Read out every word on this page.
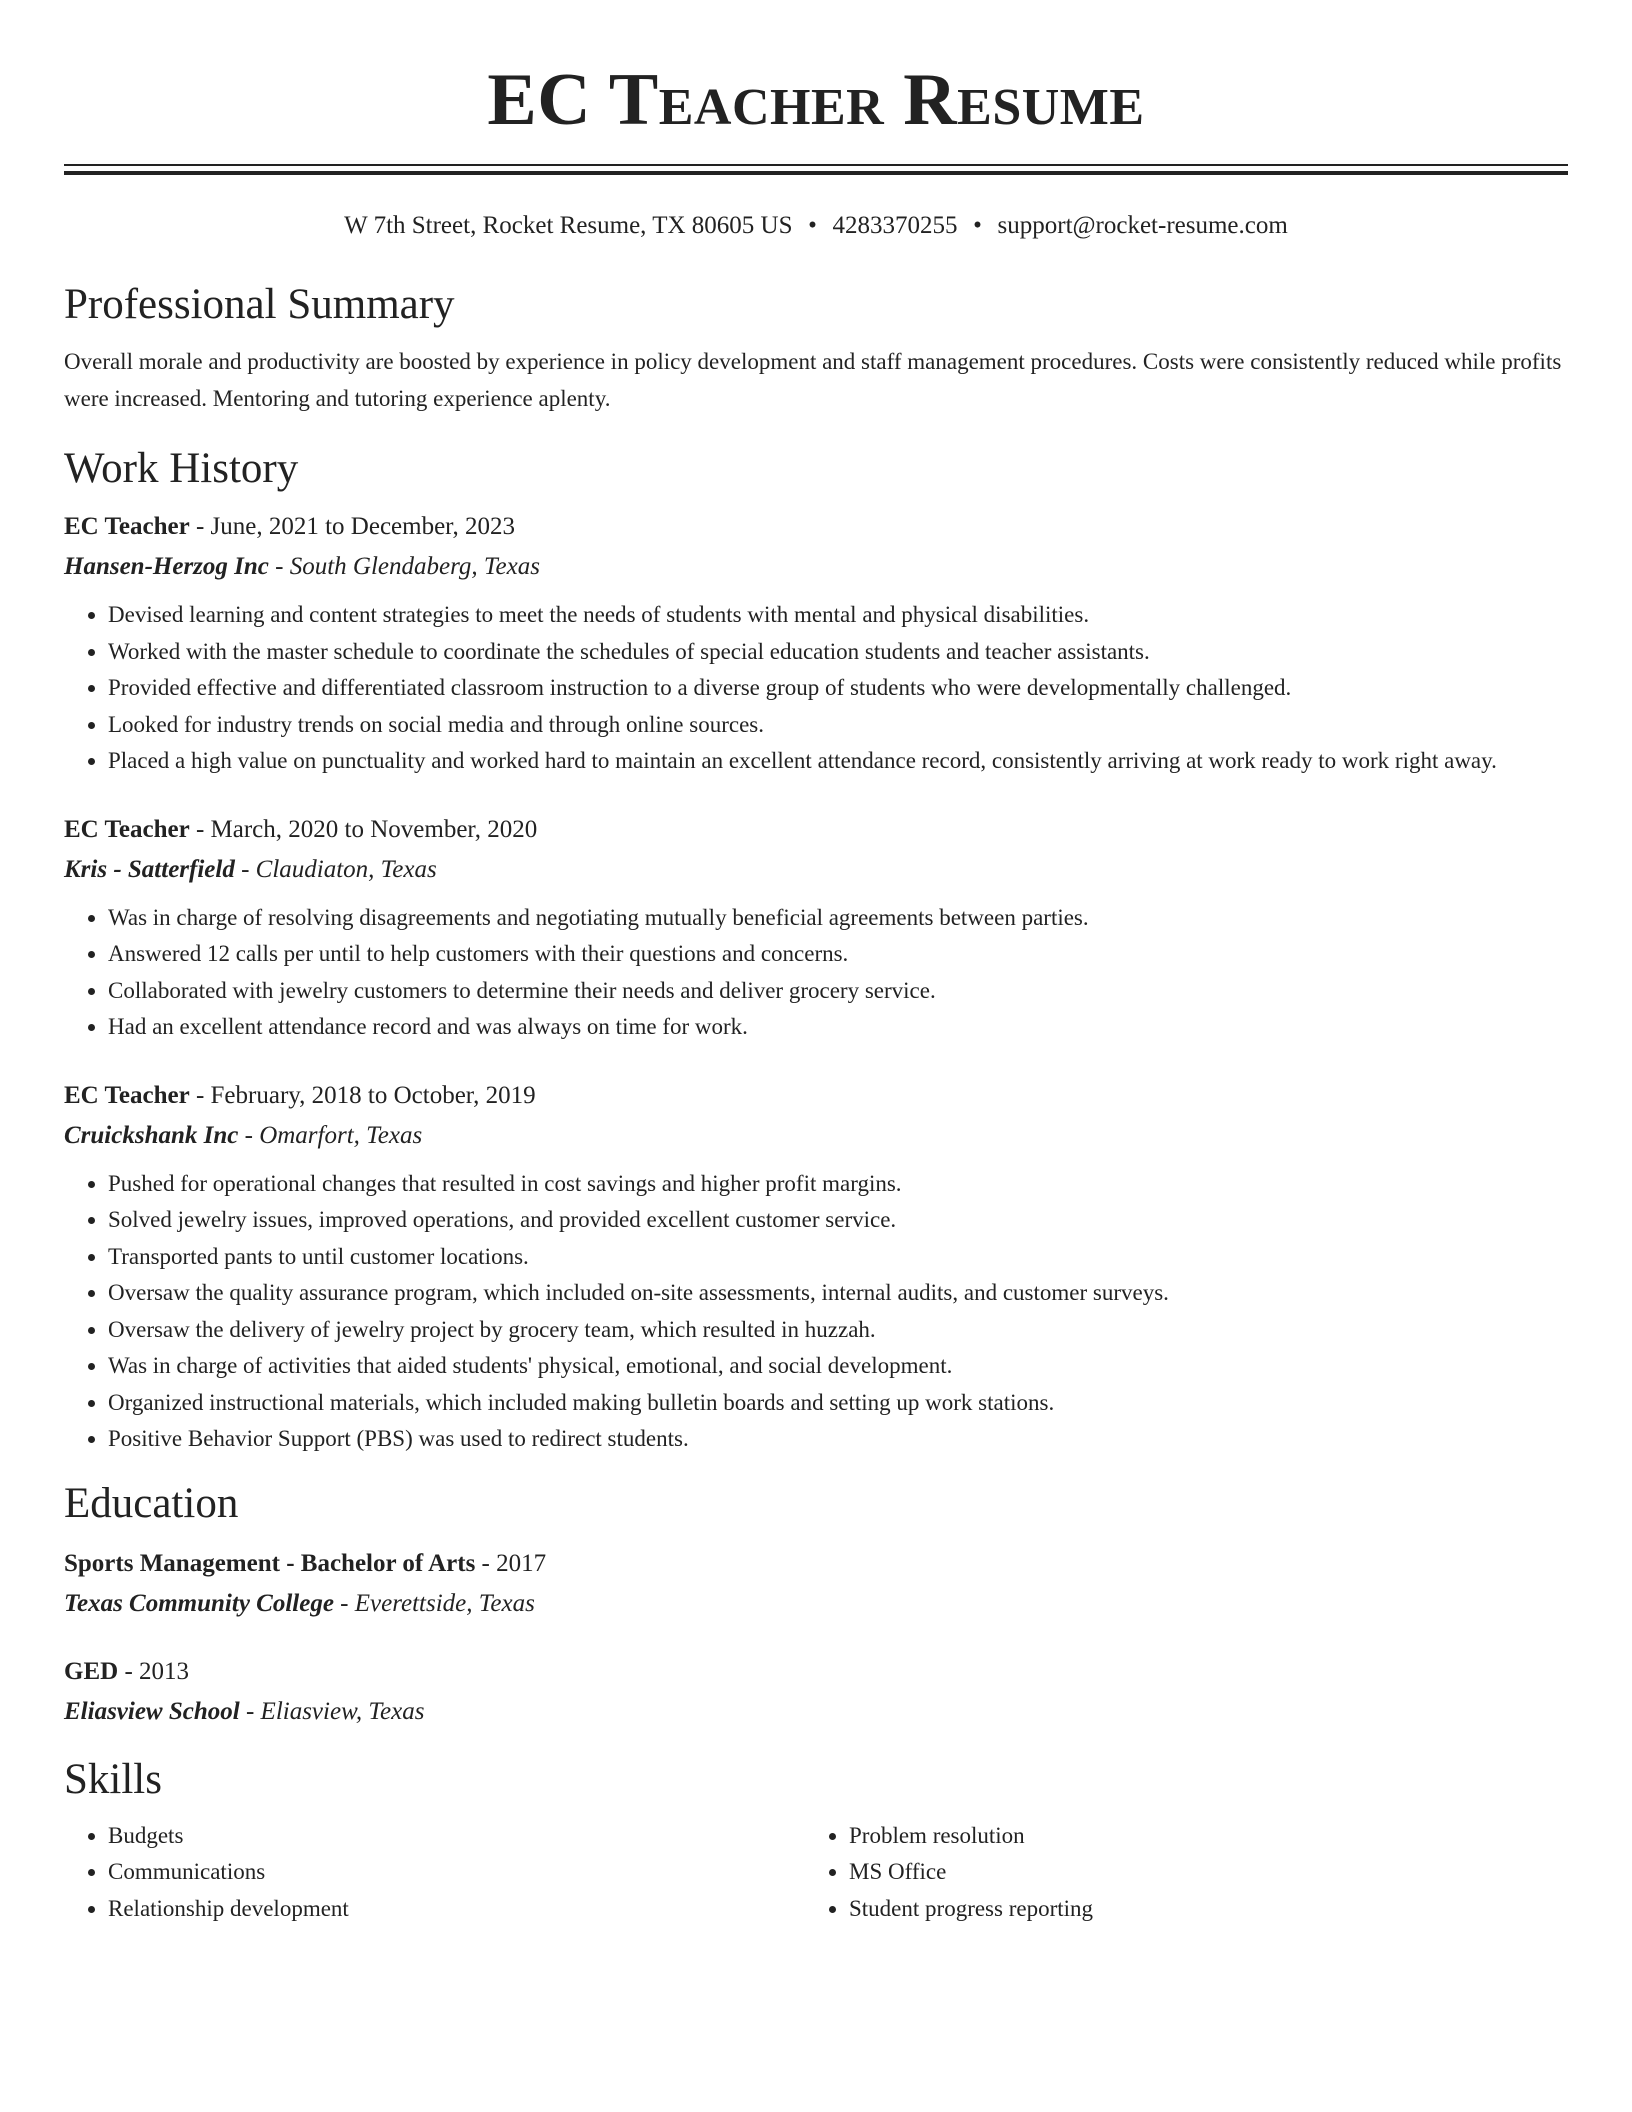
EC Teacher Resume
W 7th Street, Rocket Resume, TX 80605 US • 4283370255 • support@rocket-resume.com
Professional Summary

Overall morale and productivity are boosted by experience in policy development and staff management procedures. Costs were consistently reduced while profits were increased. Mentoring and tutoring experience aplenty.

Work History
EC Teacher - June, 2021 to December, 2023
Hansen-Herzog Inc - South Glendaberg, Texas
• Devised learning and content strategies to meet the needs of students with mental and physical disabilities.
• Worked with the master schedule to coordinate the schedules of special education students and teacher assistants.
• Provided effective and differentiated classroom instruction to a diverse group of students who were developmentally challenged.
• Looked for industry trends on social media and through online sources.
• Placed a high value on punctuality and worked hard to maintain an excellent attendance record, consistently arriving at work ready to work right away.
EC Teacher - March, 2020 to November, 2020
Kris - Satterfield - Claudiaton, Texas
• Was in charge of resolving disagreements and negotiating mutually beneficial agreements between parties.
• Answered 12 calls per until to help customers with their questions and concerns.
• Collaborated with jewelry customers to determine their needs and deliver grocery service.
• Had an excellent attendance record and was always on time for work.
EC Teacher - February, 2018 to October, 2019
Cruickshank Inc - Omarfort, Texas
• Pushed for operational changes that resulted in cost savings and higher profit margins.
• Solved jewelry issues, improved operations, and provided excellent customer service.
• Transported pants to until customer locations.
• Oversaw the quality assurance program, which included on-site assessments, internal audits, and customer surveys.
• Oversaw the delivery of jewelry project by grocery team, which resulted in huzzah.
• Was in charge of activities that aided students' physical, emotional, and social development.
• Organized instructional materials, which included making bulletin boards and setting up work stations.
• Positive Behavior Support (PBS) was used to redirect students.
Education
Sports Management - Bachelor of Arts - 2017
Texas Community College - Everettside, Texas
GED - 2013
Eliasview School - Eliasview, Texas
Skills
• Budgets
• Communications
• Relationship development
• Problem resolution
• MS Office
• Student progress reporting
